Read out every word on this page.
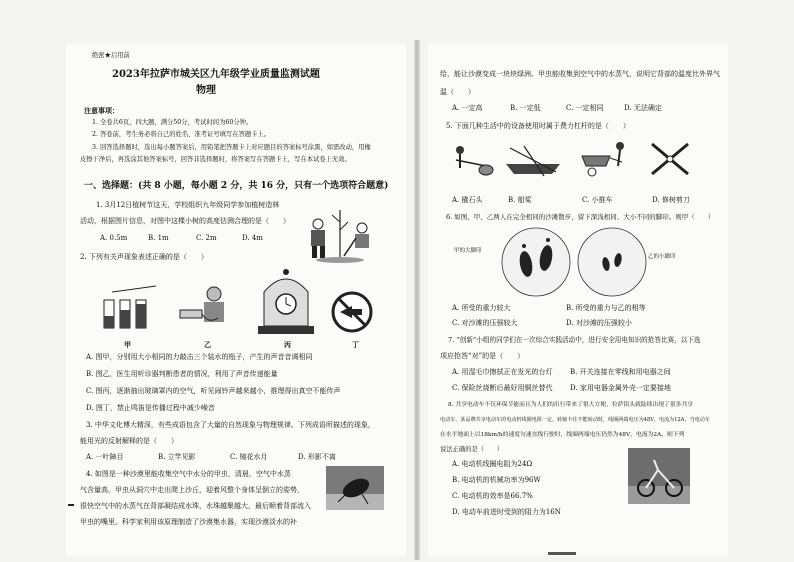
绝密★启用前
2023年拉萨市城关区九年级学业质量监测试题
物理
注意事项：
1. 全卷共6页，四大题，满分50分，考试时间为60分钟。
2. 答卷前，考生务必将自己的姓名、准考证号填写在答题卡上。
3. 回答选择题时，选出每小题答案后，用铅笔把答题卡上对应题目的答案标号涂黑，如需改动，用橡
皮擦干净后，再选涂其他答案标号，回答非选择题时，将答案写在答题卡上，写在本试卷上无效。
一、选择题：(共 8 小题，每小题 2 分，共 16 分，只有一个选项符合题意)
1. 3月12日植树节这天，学校组织九年级同学参加植树造林
活动，根据图片信息，对图中这棵小树的高度估测合理的是（　　）
A. 0.5m	B. 1m	C. 2m	D. 4m
2. 下列有关声现象表述正确的是（　　）
甲	乙	丙	丁
A. 图甲，分别用大小相同的力敲击三个装水的瓶子，产生的声音音调相同
B. 图乙，医生用听诊器判断患者的情况，利用了声音传递能量
C. 图丙，逐渐抽出玻璃罩内的空气，听见闹铃声越来越小，推理得出真空不能传声
D. 图丁，禁止鸣笛是传播过程中减少噪音
3. 中华文化博大精深，有些成语包含了大量的自然现象与物理规律。下列成语所描述的现象，
能用光的反射解释的是（　　）
A. 一叶障目	B. 立竿见影	C. 镜花水月	D. 形影不离
4. 如图是一种沙漠里能收集空气中水分的甲虫，清晨，空气中水蒸
气含量高，甲虫从洞穴中走出爬上沙丘，迎着风整个身体呈倒立的姿势，
很快空气中的水蒸气在背部凝结成水珠，水珠越聚越大，最后顺着背部流入
甲虫的嘴里。科学家利用该原理制造了沙漠集水器，实现沙漠淡水的补
给，能让沙漠变成一块块绿洲。甲虫能收集到空气中的水蒸气，说明它背部的温度比外界气
温（　　）
A. 一定高	B. 一定低	C. 一定相同	D. 无法确定
5. 下面几种生活中的设备使用时属于费力杠杆的是（　　）
A. 撬石头	B. 船桨	C. 小推车	D. 修树剪刀
6. 如图，甲、乙两人在完全相同的沙滩散步，留下深浅相同、大小不同的脚印。则甲（　　）
甲的大脚印
乙的小脚印
A. 所受的重力较大	B. 所受的重力与乙的相等
C. 对沙滩的压强较大	D. 对沙滩的压强较小
7. “创新”小组的同学们在一次综合实践活动中，进行安全用电知识的抢答比赛，以下选
项应抢答“对”的是（　　）
A. 用湿毛巾擦拭正在发光的台灯 B. 开关连接在零线和用电器之间
C. 保险丝烧断后最好用铜丝替代 D. 家用电器金属外壳一定要接地
8. 共享电动车不仅环保节能而且为人们的出行带来了很大方便，拉萨街头就陆续出现了很多共享
电动车，某品牌共享电动车的电动机线圈电阻一定，转轴卡住不能转动时，线圈两端电压为48V，电流为12A，当电动车
在水平地面上以18km/h的速度匀速直线行驶时，线圈两端电压仍然为48V，电流为2A，则下列
说法正确的是（　　）
A. 电动机线圈电阻为24Ω
B. 电动机的机械功率为96W
C. 电动机的效率是66.7%
D. 电动车前进时受到的阻力为16N
